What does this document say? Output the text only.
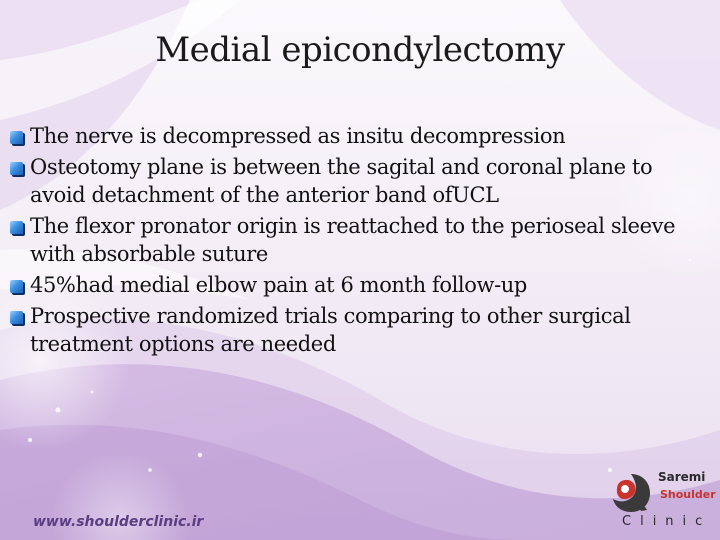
Medial epicondylectomy
The nerve is decompressed as insitu decompression
Osteotomy plane is between the sagital and coronal plane to avoid detachment of the anterior band of​UCL
The flexor pronator origin is reattached to the perioseal sleeve with absorbable suture
45%had medial elbow pain at 6 month follow-up
Prospective randomized trials comparing to other surgical treatment options are needed
www.shoulderclinic.ir
Saremi
Shoulder
Clinic
